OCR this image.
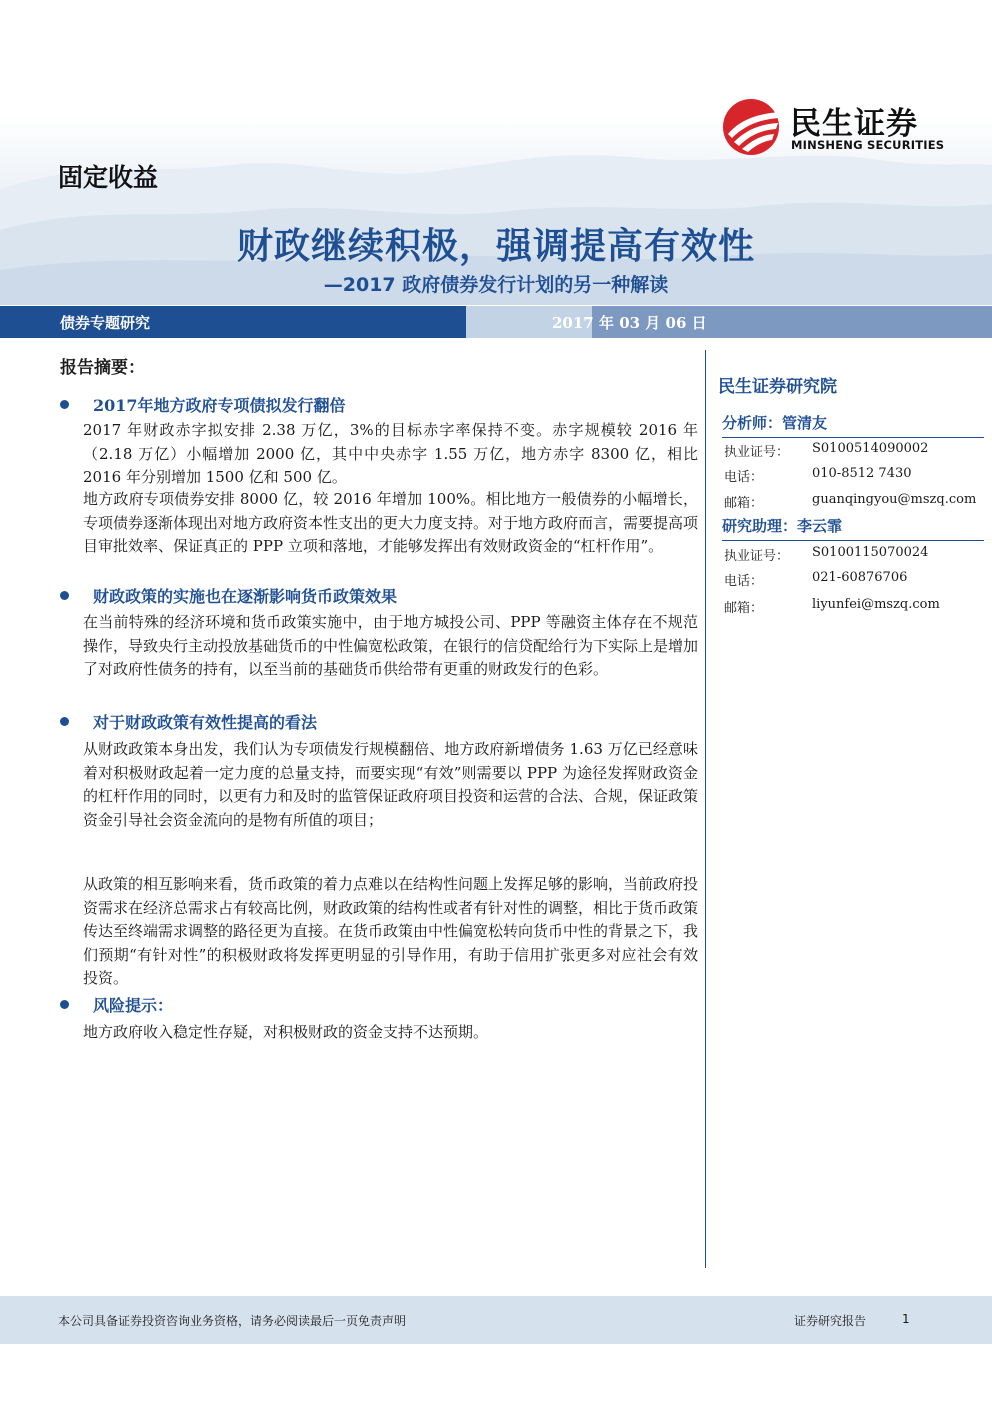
民生证券
MINSHENG SECURITIES
固定收益
财政继续积极，强调提高有效性
—2017 政府债券发行计划的另一种解读
债券专题研究	2017 年 03 月 06 日
报告摘要：
2017年地方政府专项债拟发行翻倍
2017 年财政赤字拟安排 2.38 万亿，3%的目标赤字率保持不变。赤字规模较 2016 年（2.18 万亿）小幅增加 2000 亿，其中中央赤字 1.55 万亿，地方赤字 8300 亿，相比 2016 年分别增加 1500 亿和 500 亿。
地方政府专项债券安排 8000 亿，较 2016 年增加 100%。相比地方一般债券的小幅增长，专项债券逐渐体现出对地方政府资本性支出的更大力度支持。对于地方政府而言，需要提高项目审批效率、保证真正的 PPP 立项和落地，才能够发挥出有效财政资金的“杠杆作用”。
财政政策的实施也在逐渐影响货币政策效果
在当前特殊的经济环境和货币政策实施中，由于地方城投公司、PPP 等融资主体存在不规范操作，导致央行主动投放基础货币的中性偏宽松政策，在银行的信贷配给行为下实际上是增加了对政府性债务的持有，以至当前的基础货币供给带有更重的财政发行的色彩。
对于财政政策有效性提高的看法
从财政政策本身出发，我们认为专项债发行规模翻倍、地方政府新增债务 1.63 万亿已经意味着对积极财政起着一定力度的总量支持，而要实现“有效”则需要以 PPP 为途径发挥财政资金的杠杆作用的同时，以更有力和及时的监管保证政府项目投资和运营的合法、合规，保证政策资金引导社会资金流向的是物有所值的项目；
从政策的相互影响来看，货币政策的着力点难以在结构性问题上发挥足够的影响，当前政府投资需求在经济总需求占有较高比例，财政政策的结构性或者有针对性的调整，相比于货币政策传达至终端需求调整的路径更为直接。在货币政策由中性偏宽松转向货币中性的背景之下，我们预期“有针对性”的积极财政将发挥更明显的引导作用，有助于信用扩张更多对应社会有效投资。
风险提示：
地方政府收入稳定性存疑，对积极财政的资金支持不达预期。
民生证券研究院
分析师：管清友
执业证号： S0100514090002
电话：	010-8512 7430
邮箱：	guanqingyou@mszq.com
研究助理：李云霏
执业证号： S0100115070024
电话：	021-60876706
邮箱：	liyunfei@mszq.com
本公司具备证券投资咨询业务资格，请务必阅读最后一页免责声明	证券研究报告	1
